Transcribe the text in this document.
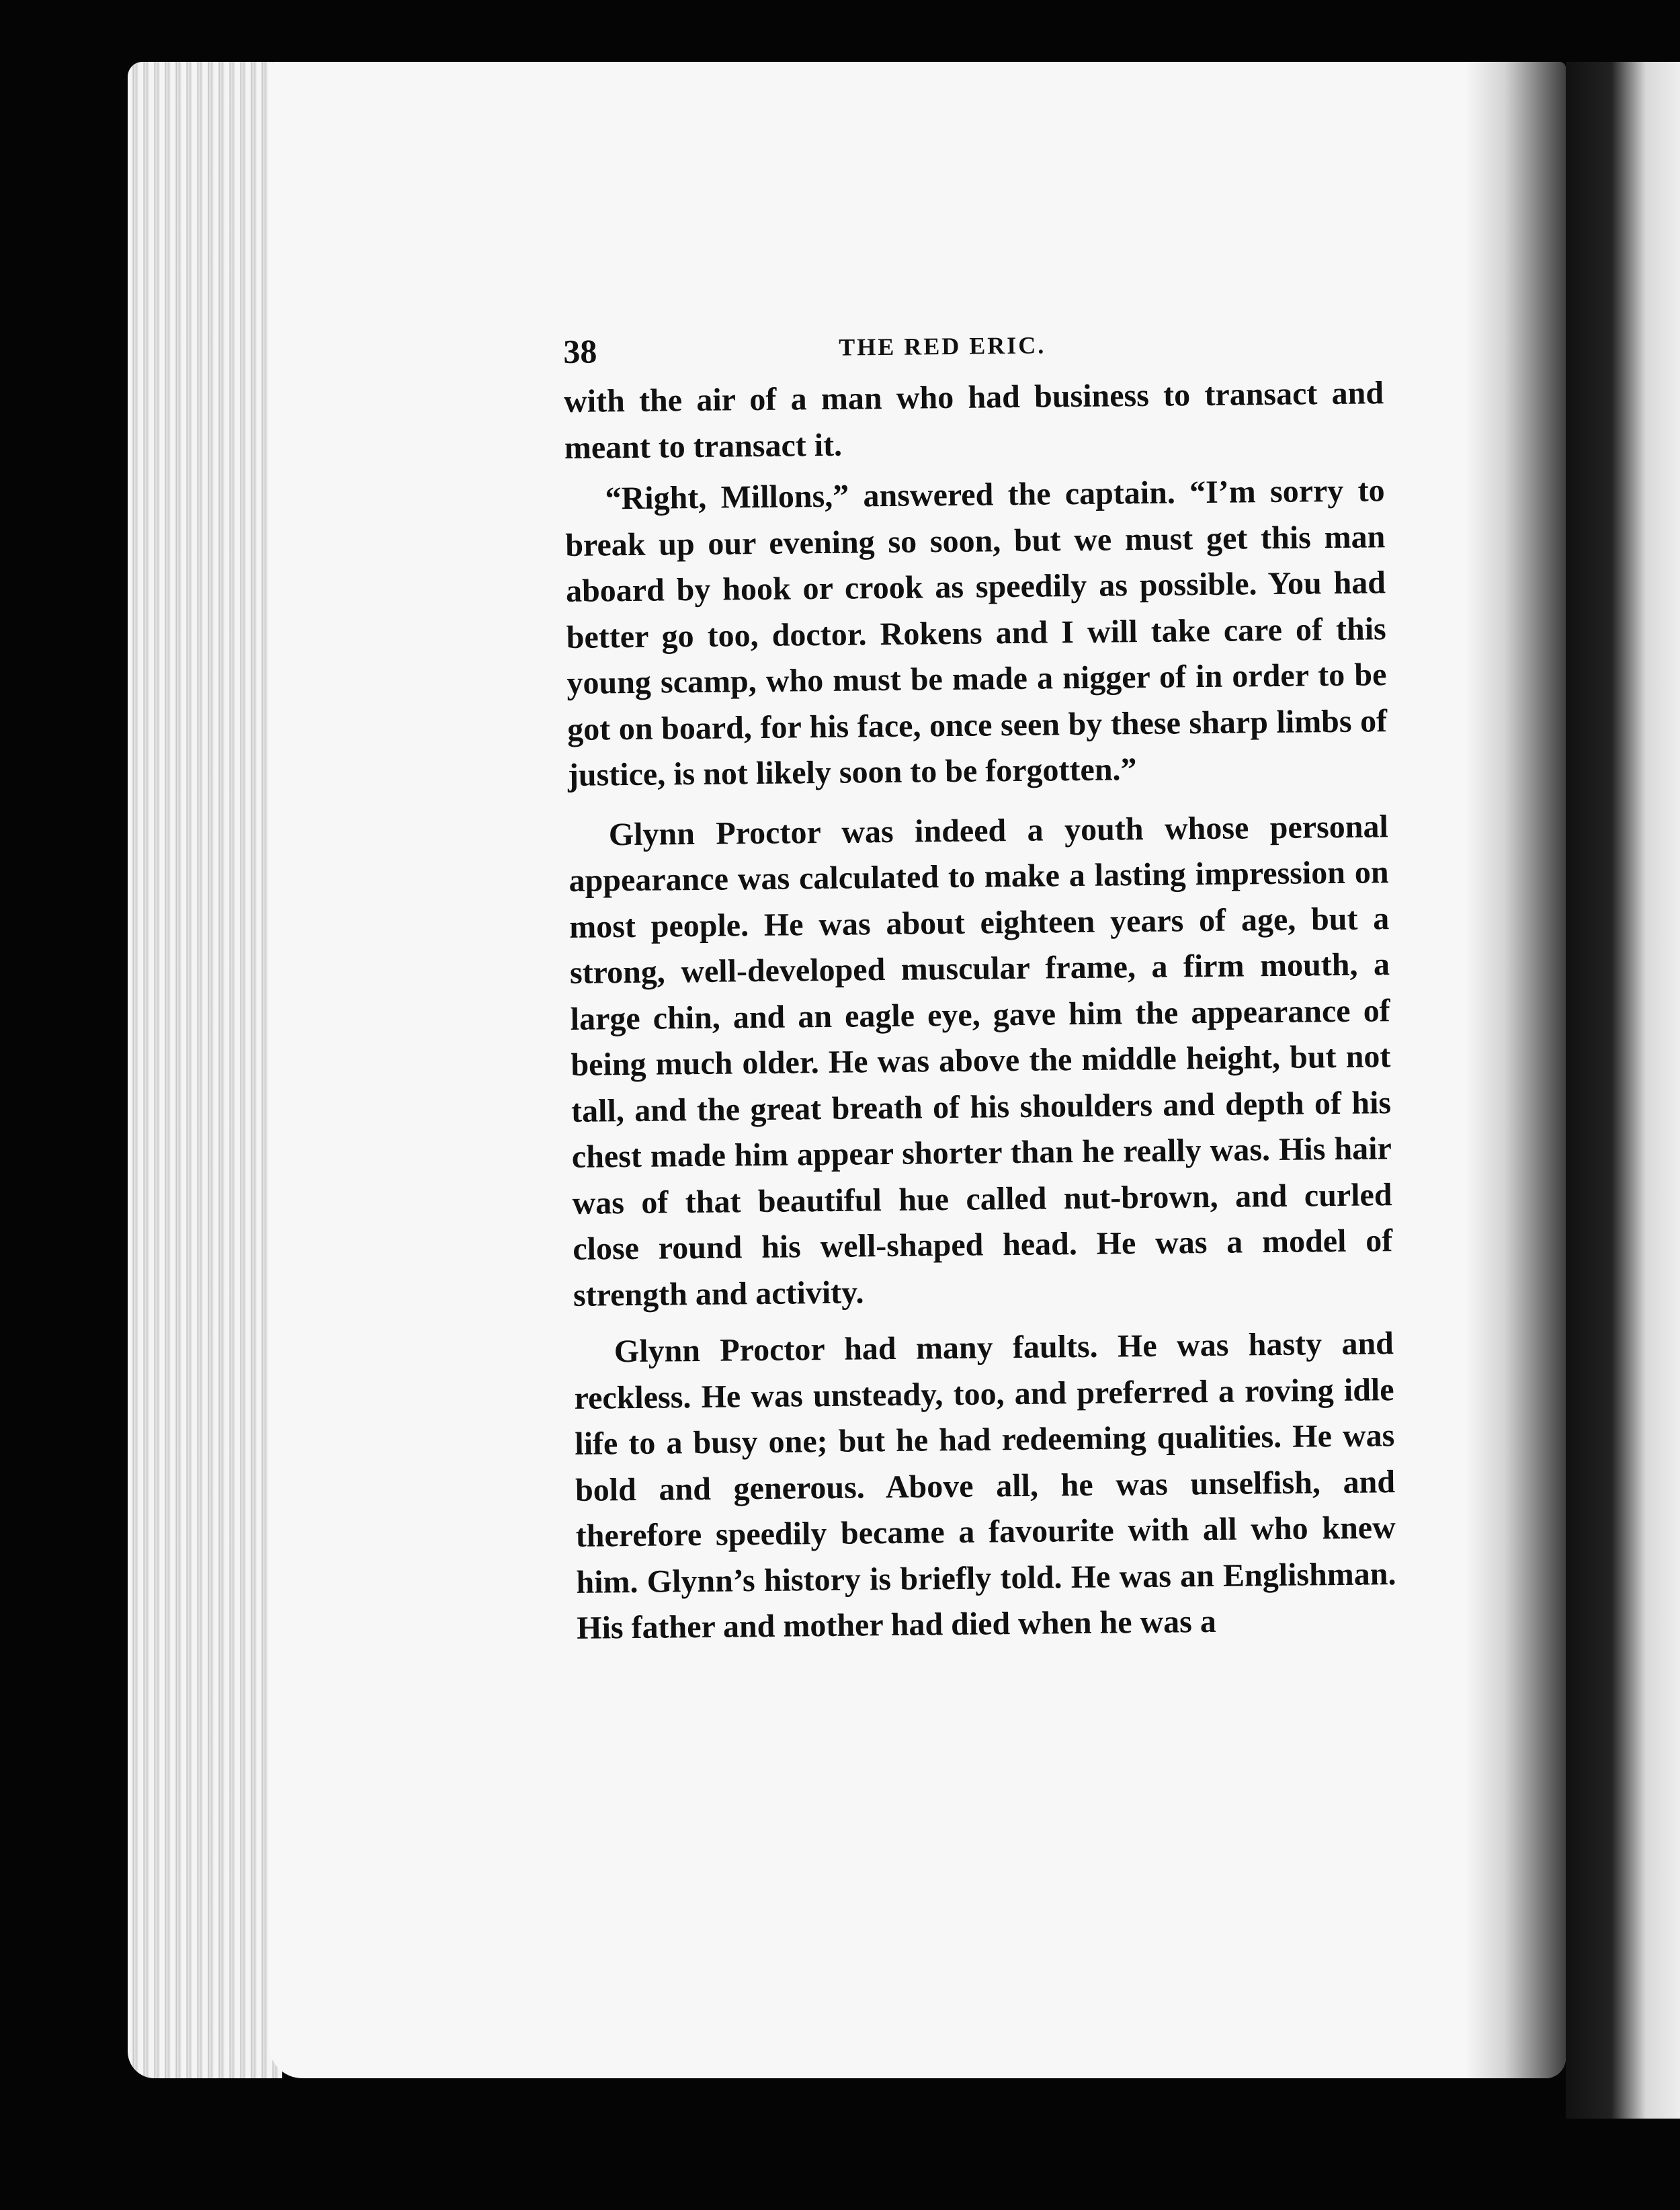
38	THE RED ERIC.

with the air of a man who had business to transact and meant to transact it.

“Right, Millons,” answered the captain. “I’m sorry to break up our evening so soon, but we must get this man aboard by hook or crook as speedily as possible. You had better go too, doctor. Rokens and I will take care of this young scamp, who must be made a nigger of in order to be got on board, for his face, once seen by these sharp limbs of justice, is not likely soon to be forgotten.”

Glynn Proctor was indeed a youth whose personal appearance was calculated to make a lasting impression on most people. He was about eighteen years of age, but a strong, well-developed muscular frame, a firm mouth, a large chin, and an eagle eye, gave him the appearance of being much older. He was above the middle height, but not tall, and the great breath of his shoulders and depth of his chest made him appear shorter than he really was. His hair was of that beautiful hue called nut-brown, and curled close round his well-shaped head. He was a model of strength and activity.

Glynn Proctor had many faults. He was hasty and reckless. He was unsteady, too, and preferred a roving idle life to a busy one; but he had redeeming qualities. He was bold and generous. Above all, he was unselfish, and therefore speedily became a favourite with all who knew him. Glynn’s history is briefly told. He was an Englishman. His father and mother had died when he was a
